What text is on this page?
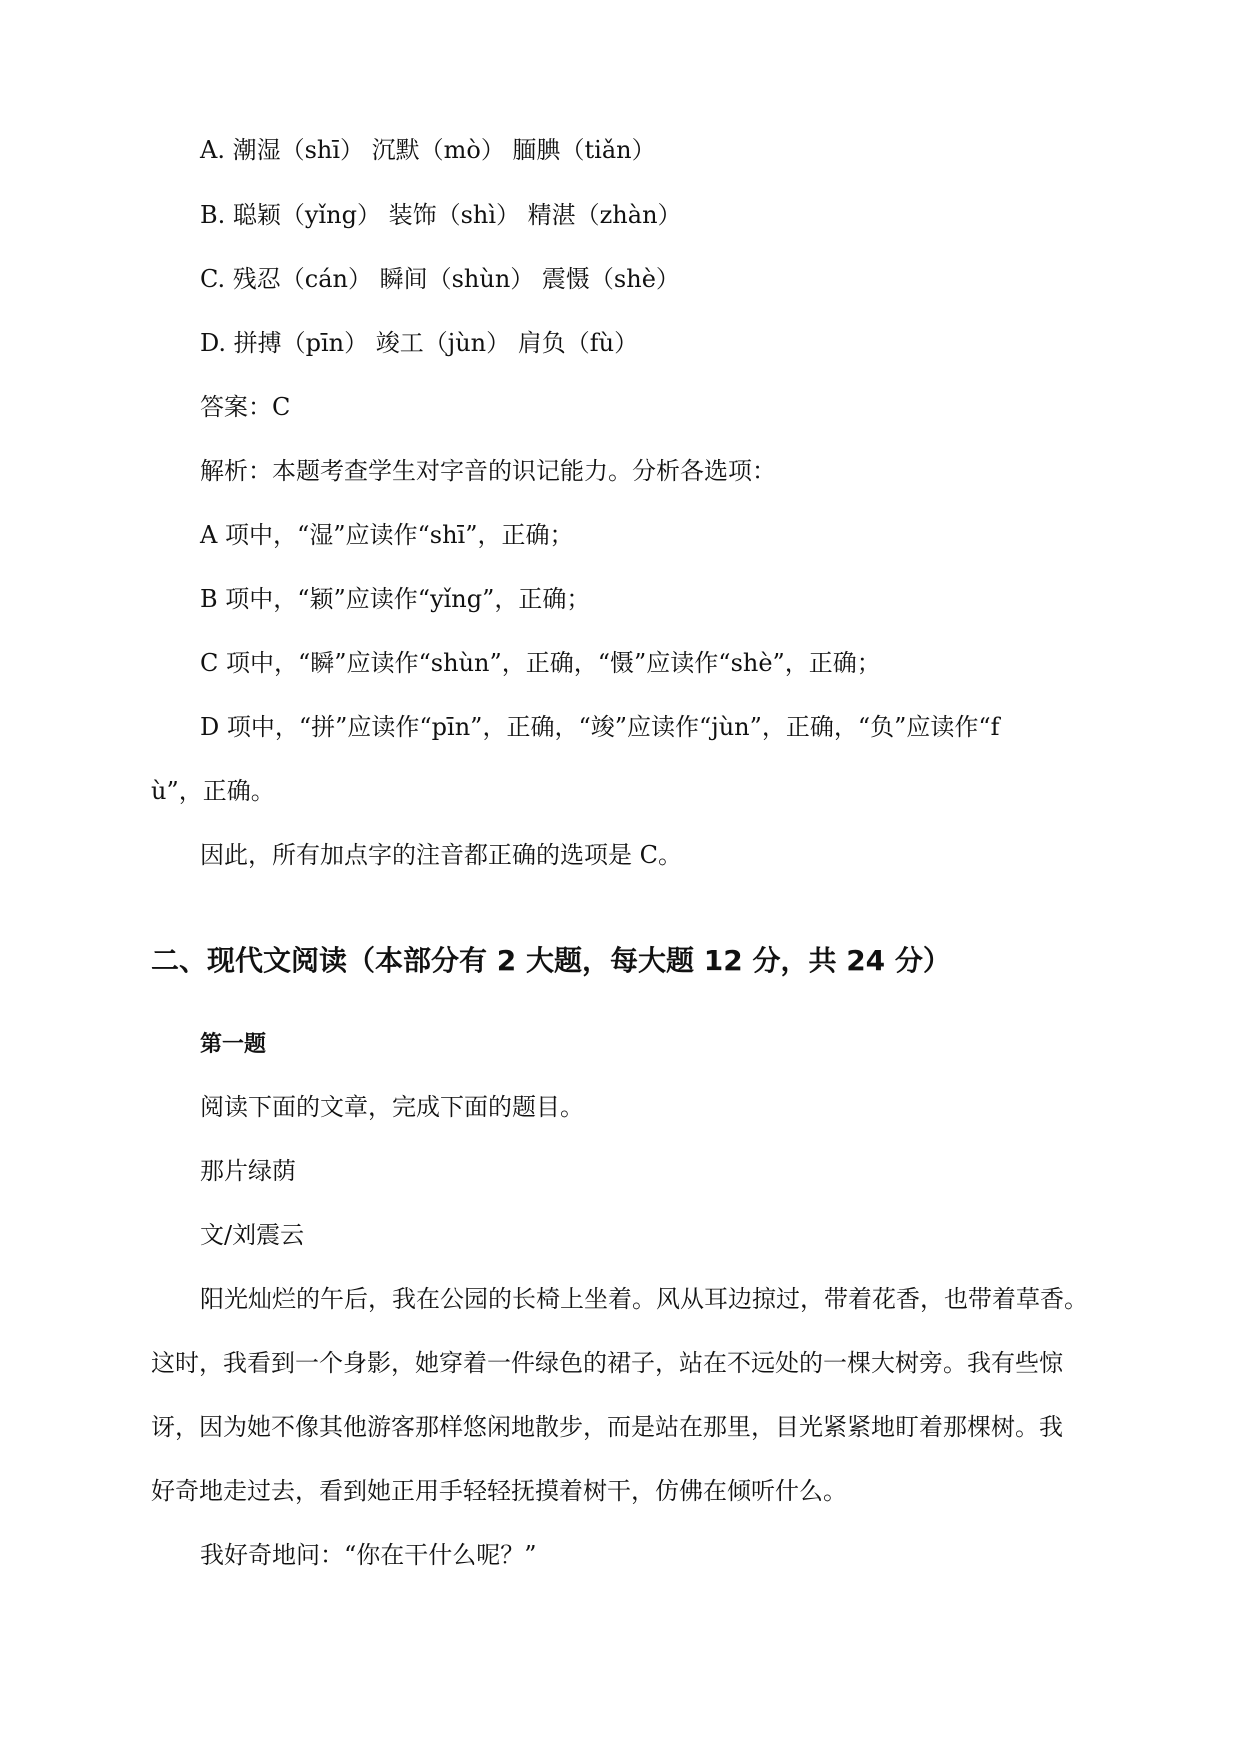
A. 潮湿（shī） 沉默（mò） 腼腆（tiǎn）
B. 聪颖（yǐng） 装饰（shì） 精湛（zhàn）
C. 残忍（cán） 瞬间（shùn） 震慑（shè）
D. 拼搏（pīn） 竣工（jùn） 肩负（fù）
答案：C
解析：本题考查学生对字音的识记能力。分析各选项：
A 项中，“湿”应读作“shī”，正确；
B 项中，“颖”应读作“yǐng”，正确；
C 项中，“瞬”应读作“shùn”，正确，“慑”应读作“shè”，正确；
D 项中，“拼”应读作“pīn”，正确，“竣”应读作“jùn”，正确，“负”应读作“f
ù”，正确。
因此，所有加点字的注音都正确的选项是 C。
二、现代文阅读（本部分有 2 大题，每大题 12 分，共 24 分）
第一题
阅读下面的文章，完成下面的题目。
那片绿荫
文/刘震云
阳光灿烂的午后，我在公园的长椅上坐着。风从耳边掠过，带着花香，也带着草香。
这时，我看到一个身影，她穿着一件绿色的裙子，站在不远处的一棵大树旁。我有些惊
讶，因为她不像其他游客那样悠闲地散步，而是站在那里，目光紧紧地盯着那棵树。我
好奇地走过去，看到她正用手轻轻抚摸着树干，仿佛在倾听什么。
我好奇地问：“你在干什么呢？”
